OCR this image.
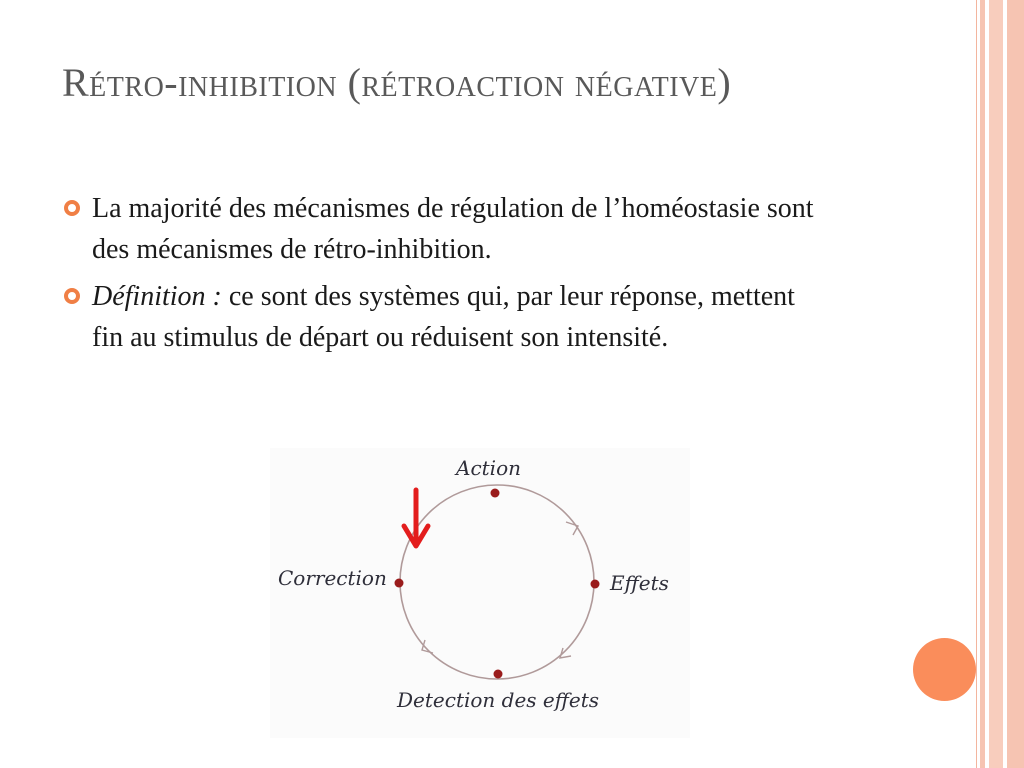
Rétro-inhibition (rétroaction négative)
La majorité des mécanismes de régulation de l’homéostasie sont des mécanismes de rétro-inhibition.
Définition : ce sont des systèmes qui, par leur réponse, mettent fin au stimulus de départ ou réduisent son intensité.
Action
Effets
Detection des effets
Correction
